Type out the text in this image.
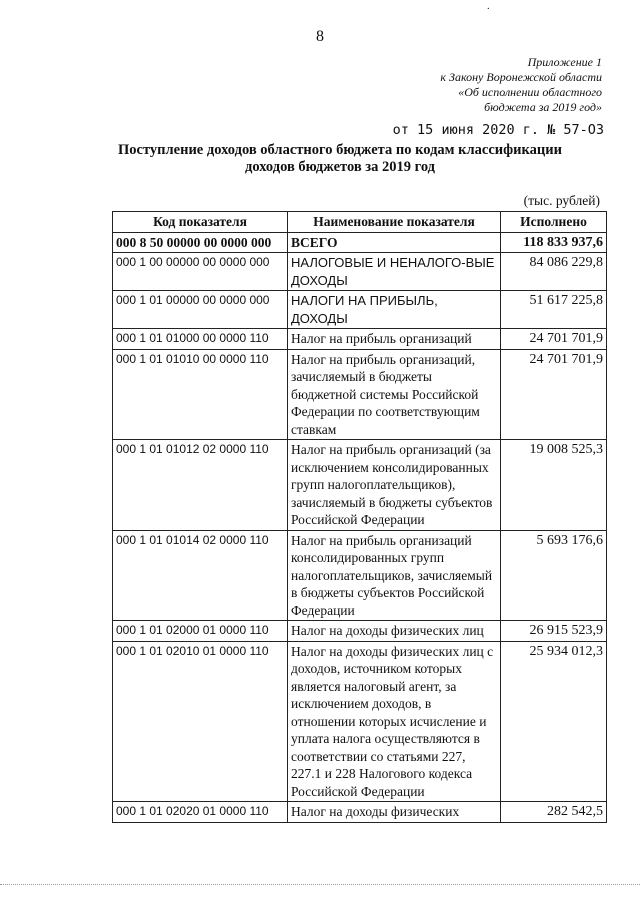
·
8
Приложение 1
к Закону Воронежской области
«Об исполнении областного
бюджета за 2019 год»
от 15 июня 2020 г. № 57-ОЗ
Поступление доходов областного бюджета по кодам классификации
доходов бюджетов за 2019 год
(тыс. рублей)
Код показателя	Наименование показателя	Исполнено
000 8 50 00000 00 0000 000	ВСЕГО	118 833 937,6
000 1 00 00000 00 0000 000	НАЛОГОВЫЕ И НЕНАЛОГО-ВЫЕ ДОХОДЫ	84 086 229,8
000 1 01 00000 00 0000 000	НАЛОГИ НА ПРИБЫЛЬ, ДОХОДЫ	51 617 225,8
000 1 01 01000 00 0000 110	Налог на прибыль организаций	24 701 701,9
000 1 01 01010 00 0000 110	Налог на прибыль организаций, зачисляемый в бюджеты бюджетной системы Российской Федерации по соответствующим ставкам	24 701 701,9
000 1 01 01012 02 0000 110	Налог на прибыль организаций (за исключением консолидированных групп налогоплательщиков), зачисляемый в бюджеты субъектов Российской Федерации	19 008 525,3
000 1 01 01014 02 0000 110	Налог на прибыль организаций консолидированных групп налогоплательщиков, зачисляемый в бюджеты субъектов Российской Федерации	5 693 176,6
000 1 01 02000 01 0000 110	Налог на доходы физических лиц	26 915 523,9
000 1 01 02010 01 0000 110	Налог на доходы физических лиц с доходов, источником которых является налоговый агент, за исключением доходов, в отношении которых исчисление и уплата налога осуществляются в соответствии со статьями 227, 227.1 и 228 Налогового кодекса Российской Федерации	25 934 012,3
000 1 01 02020 01 0000 110	Налог на доходы физических	282 542,5
